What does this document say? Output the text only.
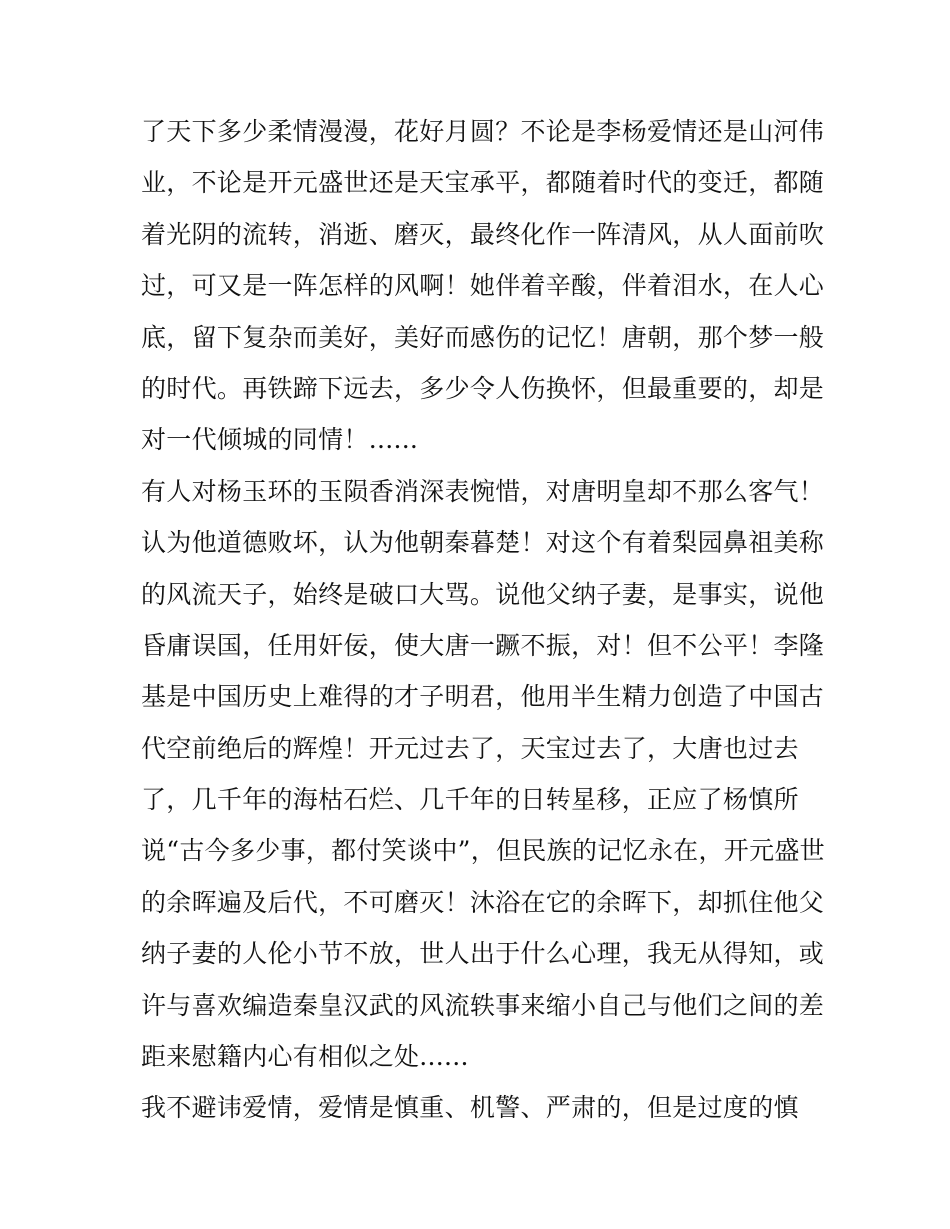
了天下多少柔情漫漫，花好月圆？不论是李杨爱情还是山河伟
业，不论是开元盛世还是天宝承平，都随着时代的变迁，都随
着光阴的流转，消逝、磨灭，最终化作一阵清风，从人面前吹
过，可又是一阵怎样的风啊！她伴着辛酸，伴着泪水，在人心
底，留下复杂而美好，美好而感伤的记忆！唐朝，那个梦一般
的时代。再铁蹄下远去，多少令人伤换怀，但最重要的，却是
对一代倾城的同情！......
有人对杨玉环的玉陨香消深表惋惜，对唐明皇却不那么客气！
认为他道德败坏，认为他朝秦暮楚！对这个有着梨园鼻祖美称
的风流天子，始终是破口大骂。说他父纳子妻，是事实，说他
昏庸误国，任用奸佞，使大唐一蹶不振，对！但不公平！李隆
基是中国历史上难得的才子明君，他用半生精力创造了中国古
代空前绝后的辉煌！开元过去了，天宝过去了，大唐也过去
了，几千年的海枯石烂、几千年的日转星移，正应了杨慎所
说“古今多少事，都付笑谈中”，但民族的记忆永在，开元盛世
的余晖遍及后代，不可磨灭！沐浴在它的余晖下，却抓住他父
纳子妻的人伦小节不放，世人出于什么心理，我无从得知，或
许与喜欢编造秦皇汉武的风流轶事来缩小自己与他们之间的差
距来慰籍内心有相似之处......
我不避讳爱情，爱情是慎重、机警、严肃的，但是过度的慎
